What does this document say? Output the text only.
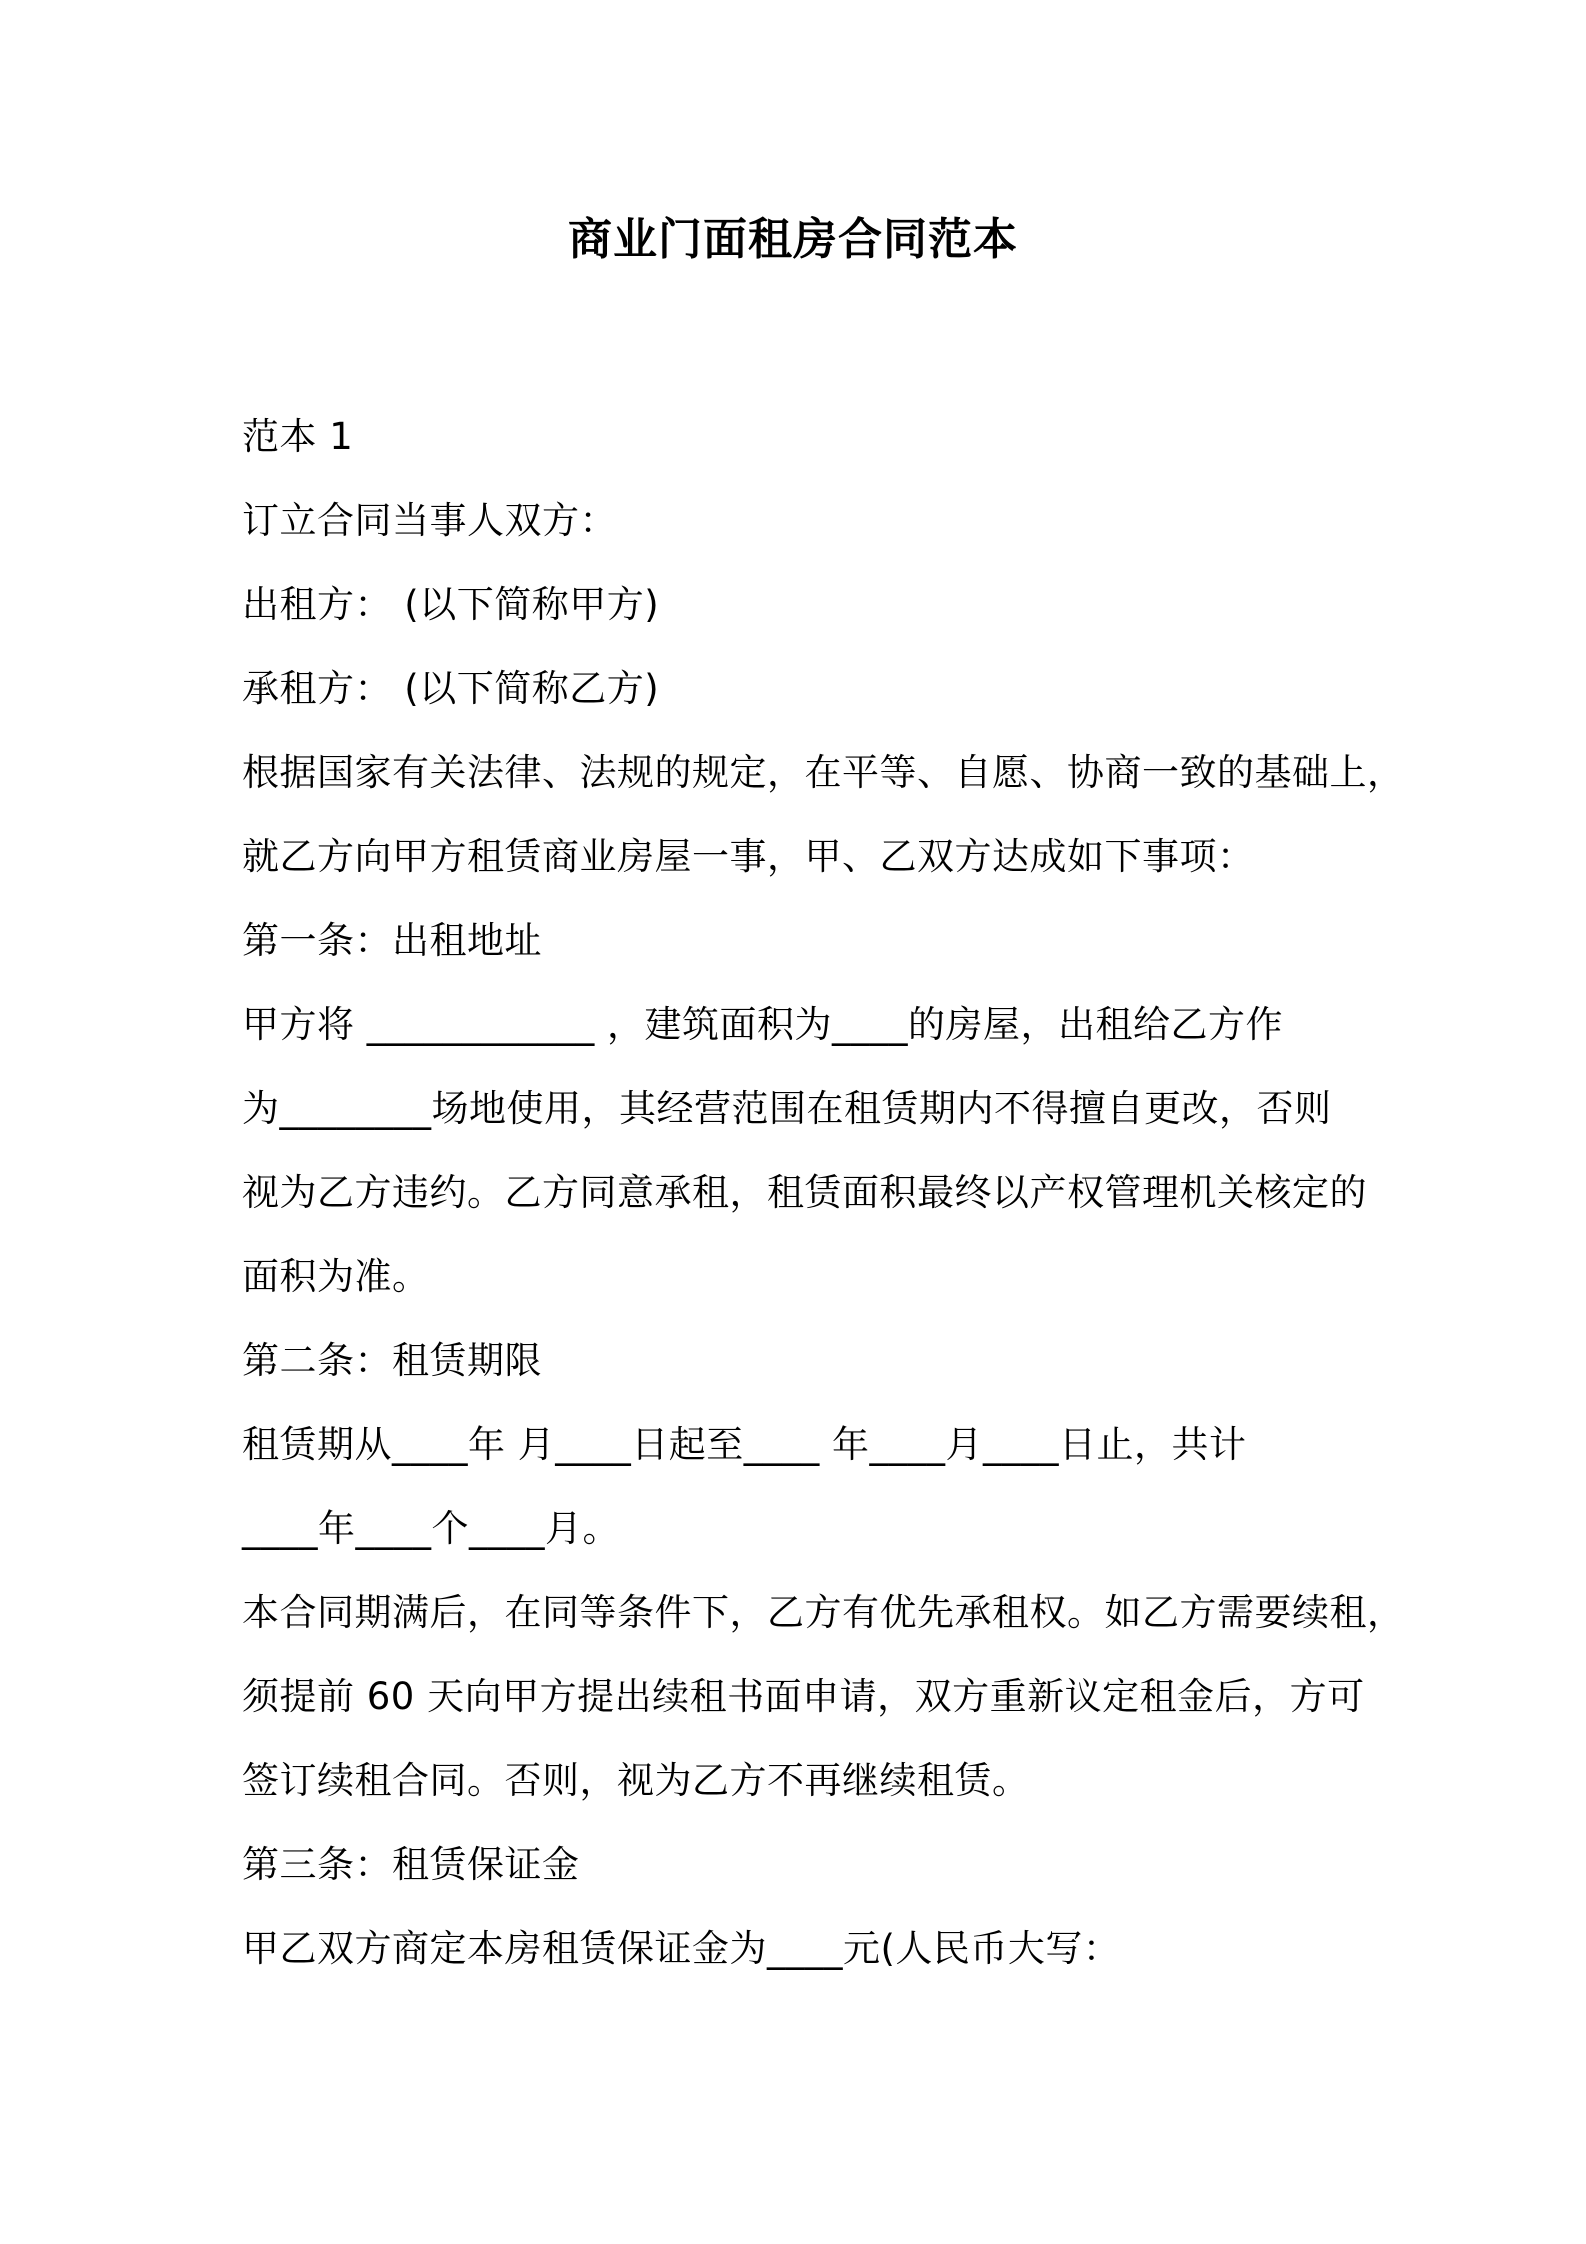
商业门面租房合同范本
范本 1
订立合同当事人双方：
出租方： (以下简称甲方)
承租方： (以下简称乙方)
根据国家有关法律、法规的规定，在平等、自愿、协商一致的基础上，
就乙方向甲方租赁商业房屋一事，甲、乙双方达成如下事项：
第一条：出租地址
甲方将 ____________ ，建筑面积为____的房屋，出租给乙方作
为________场地使用，其经营范围在租赁期内不得擅自更改，否则
视为乙方违约。乙方同意承租，租赁面积最终以产权管理机关核定的
面积为准。
第二条：租赁期限
租赁期从____年 月____日起至____ 年____月____日止，共计
____年____个____月。
本合同期满后，在同等条件下，乙方有优先承租权。如乙方需要续租，
须提前 60 天向甲方提出续租书面申请，双方重新议定租金后，方可
签订续租合同。否则，视为乙方不再继续租赁。
第三条：租赁保证金
甲乙双方商定本房租赁保证金为____元(人民币大写：
